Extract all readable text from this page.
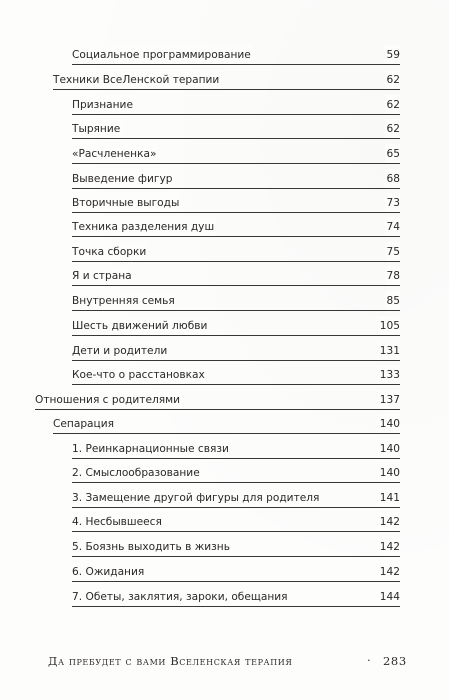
Социальное программирование	59
Техники ВсеЛенской терапии	62
Признание	62
Тыряние	62
«Расчлененка»	65
Выведение фигур	68
Вторичные выгоды	73
Техника разделения душ	74
Точка сборки	75
Я и страна	78
Внутренняя семья	85
Шесть движений любви	105
Дети и родители	131
Кое-что о расстановках	133
Отношения с родителями	137
Сепарация	140
1. Реинкарнационные связи	140
2. Смыслообразование	140
3. Замещение другой фигуры для родителя	141
4. Несбывшееся	142
5. Боязнь выходить в жизнь	142
6. Ожидания	142
7. Обеты, заклятия, зароки, обещания	144
Да пребудет с вами Вселенская терапия	· 283
